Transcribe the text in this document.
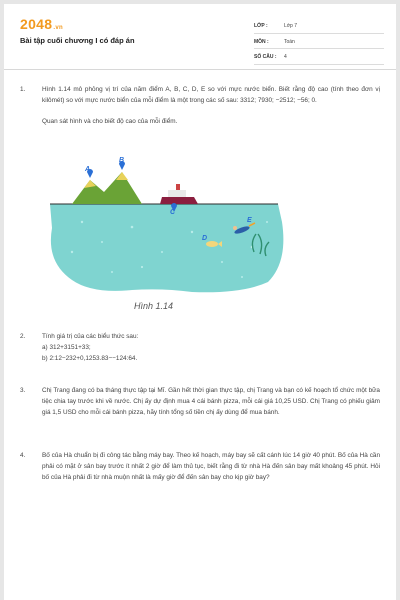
2048.vn
Bài tập cuối chương I có đáp án
LỚP :	Lớp 7
MÔN :	Toán
SỐ CÂU :	4
1.	Hình 1.14 mô phỏng vị trí của năm điểm A, B, C, D, E so với mực nước biển. Biết rằng độ cao (tính theo đơn vị kilômét) so với mực nước biển của mỗi điểm là một trong các số sau: 3312; 7930; −2512; −56; 0.

Quan sát hình và cho biết độ cao của mỗi điểm.

A
B
C
D
E
Hình 1.14
2.	Tính giá trị của các biểu thức sau:

a) 312+3151+33;

b) 2:12−232+0,1253.83−−124:64.

3.	Chị Trang đang có ba tháng thực tập tại Mĩ. Gần hết thời gian thực tập, chị Trang và bạn có kế hoạch tổ chức một bữa tiệc chia tay trước khi về nước. Chị ấy dự định mua 4 cái bánh pizza, mỗi cái giá 10,25 USD. Chị Trang có phiếu giảm giá 1,5 USD cho mỗi cái bánh pizza, hãy tính tổng số tiền chị ấy dùng để mua bánh.

4.	Bố của Hà chuẩn bị đi công tác bằng máy bay. Theo kế hoạch, máy bay sẽ cất cánh lúc 14 giờ 40 phút. Bố của Hà cần phải có mặt ở sân bay trước ít nhất 2 giờ để làm thủ tục, biết rằng đi từ nhà Hà đến sân bay mất khoảng 45 phút. Hỏi bố của Hà phải đi từ nhà muộn nhất là mấy giờ để đến sân bay cho kịp giờ bay?
